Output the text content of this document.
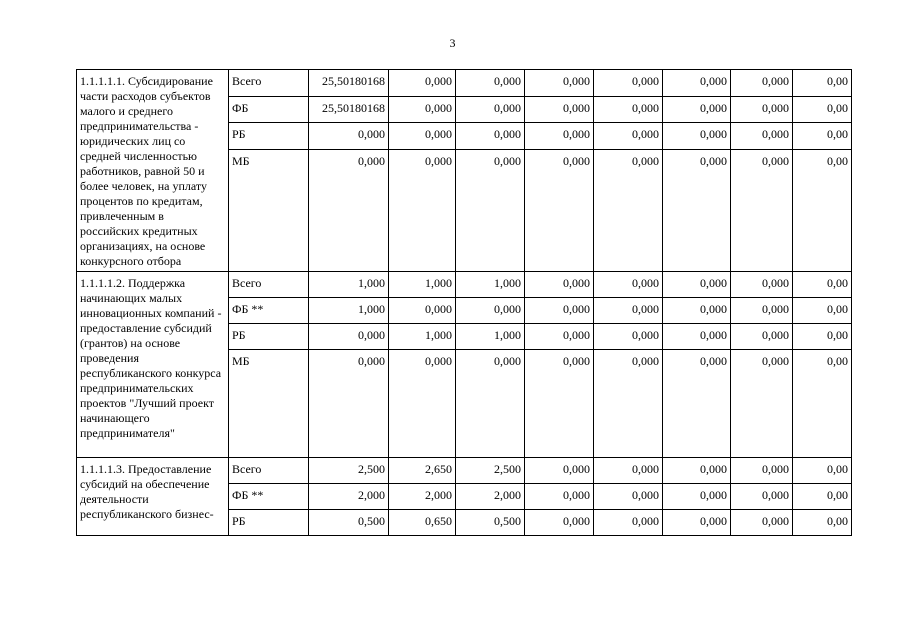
3
1.1.1.1.1. Субсидирование части расходов субъектов малого и среднего предпринимательства - юридических лиц со средней численностью работников, равной 50 и более человек, на уплату процентов по кредитам, привлеченным в российских кредитных организациях, на основе конкурсного отбора	Всего	25,50180168	0,000	0,000	0,000	0,000	0,000	0,000	0,00
	ФБ	25,50180168	0,000	0,000	0,000	0,000	0,000	0,000	0,00
	РБ	0,000	0,000	0,000	0,000	0,000	0,000	0,000	0,00
	МБ	0,000	0,000	0,000	0,000	0,000	0,000	0,000	0,00
1.1.1.1.2. Поддержка начинающих малых инновационных компаний - предоставление субсидий (грантов) на основе проведения республиканского конкурса предпринимательских проектов "Лучший проект начинающего предпринимателя"	Всего	1,000	1,000	1,000	0,000	0,000	0,000	0,000	0,00
	ФБ **	1,000	0,000	0,000	0,000	0,000	0,000	0,000	0,00
	РБ	0,000	1,000	1,000	0,000	0,000	0,000	0,000	0,00
	МБ	0,000	0,000	0,000	0,000	0,000	0,000	0,000	0,00
1.1.1.1.3. Предоставление субсидий на обеспечение деятельности республиканского бизнес-	Всего	2,500	2,650	2,500	0,000	0,000	0,000	0,000	0,00
	ФБ **	2,000	2,000	2,000	0,000	0,000	0,000	0,000	0,00
	РБ	0,500	0,650	0,500	0,000	0,000	0,000	0,000	0,00
